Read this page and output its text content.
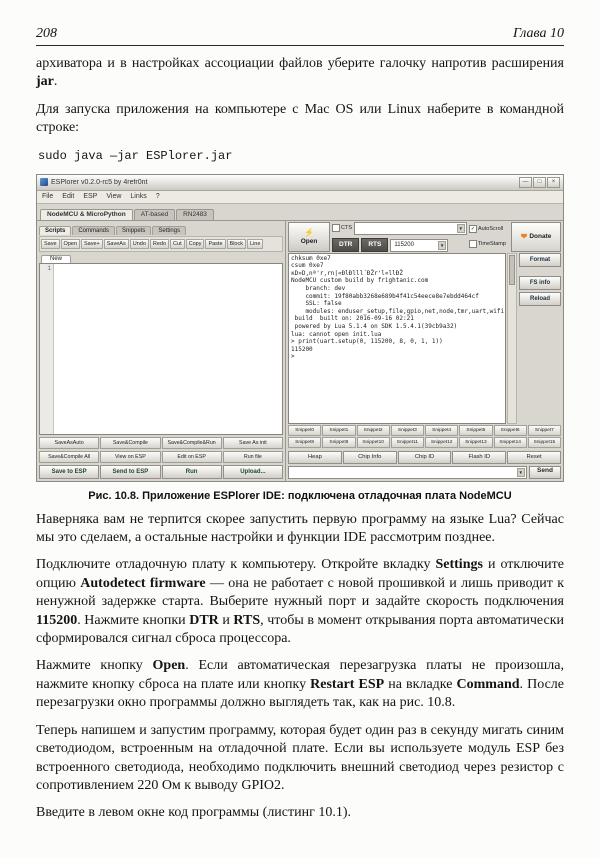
208	Глава 10

архиватора и в настройках ассоциации файлов уберите галочку напротив расширения jar.

Для запуска приложения на компьютере с Mac OS или Linux наберите в командной строке:

sudo java —jar ESPlorer.jar
ESPlorer v0.2.0-rc5 by 4refr0nt	— □ ×
File Edit ESP View Links ?
NodeMCU & MicroPython	AT-based	RN2483
Scripts	Commands	Snippets	Settings
Save	Open	Save+	SaveAs	Undo	Redo	Cut	Copy	Paste	Block	Line
New
1
SaveAsAuto	Save&Compile	Save&Compile&Run	Save As init
Save&Compile All	View on ESP	Edit on ESP	Run file
Save to ESP	Send to ESP	Run	Upload...
⚡
Open
CTS	▼
DTR	RTS	115200	▼
✓ AutoScroll
TimeStamp
❤ Donate
chksum 0xe7
csum 0xe7
ĸD»D,nª'r,rn|«ÐlÐlll´ÐŽr'l«llÐŽ
NodeMCU custom build by frightanic.com
branch: dev
commit: 19f80abb3268e689b4f41c54eece8e7ebdd464cf
SSL: false
modules: enduser_setup,file,gpio,net,node,tmr,uart,wifi
build  built on: 2016-09-16 02:21
powered by Lua 5.1.4 on SDK 1.5.4.1(39cb9a32)
lua: cannot open init.lua
> print(uart.setup(0, 115200, 8, 0, 1, 1))
115200
>
Format
FS info
Reload
Snippet0	Snippet1	Snippet2	Snippet3	Snippet4	Snippet5	Snippet6	Snippet7
Snippet8	Snippet9	Snippet10	Snippet11	Snippet12	Snippet13	Snippet14	Snippet15
Heap	Chip Info	Chip ID	Flash ID	Reset
▼	Send
Рис. 10.8. Приложение ESPlorer IDE: подключена отладочная плата NodeMCU

Наверняка вам не терпится скорее запустить первую программу на языке Lua? Сейчас мы это сделаем, а остальные настройки и функции IDE рассмотрим позднее.

Подключите отладочную плату к компьютеру. Откройте вкладку Settings и отключите опцию Autodetect firmware — она не работает с новой прошивкой и лишь приводит к ненужной задержке старта. Выберите нужный порт и задайте скорость подключения 115200. Нажмите кнопки DTR и RTS, чтобы в момент открывания порта автоматически сформировался сигнал сброса процессора.

Нажмите кнопку Open. Если автоматическая перезагрузка платы не произошла, нажмите кнопку сброса на плате или кнопку Restart ESP на вкладке Command. После перезагрузки окно программы должно выглядеть так, как на рис. 10.8.

Теперь напишем и запустим программу, которая будет один раз в секунду мигать синим светодиодом, встроенным на отладочной плате. Если вы используете модуль ESP без встроенного светодиода, необходимо подключить внешний светодиод через резистор с сопротивлением 220 Ом к выводу GPIO2.

Введите в левом окне код программы (листинг 10.1).
